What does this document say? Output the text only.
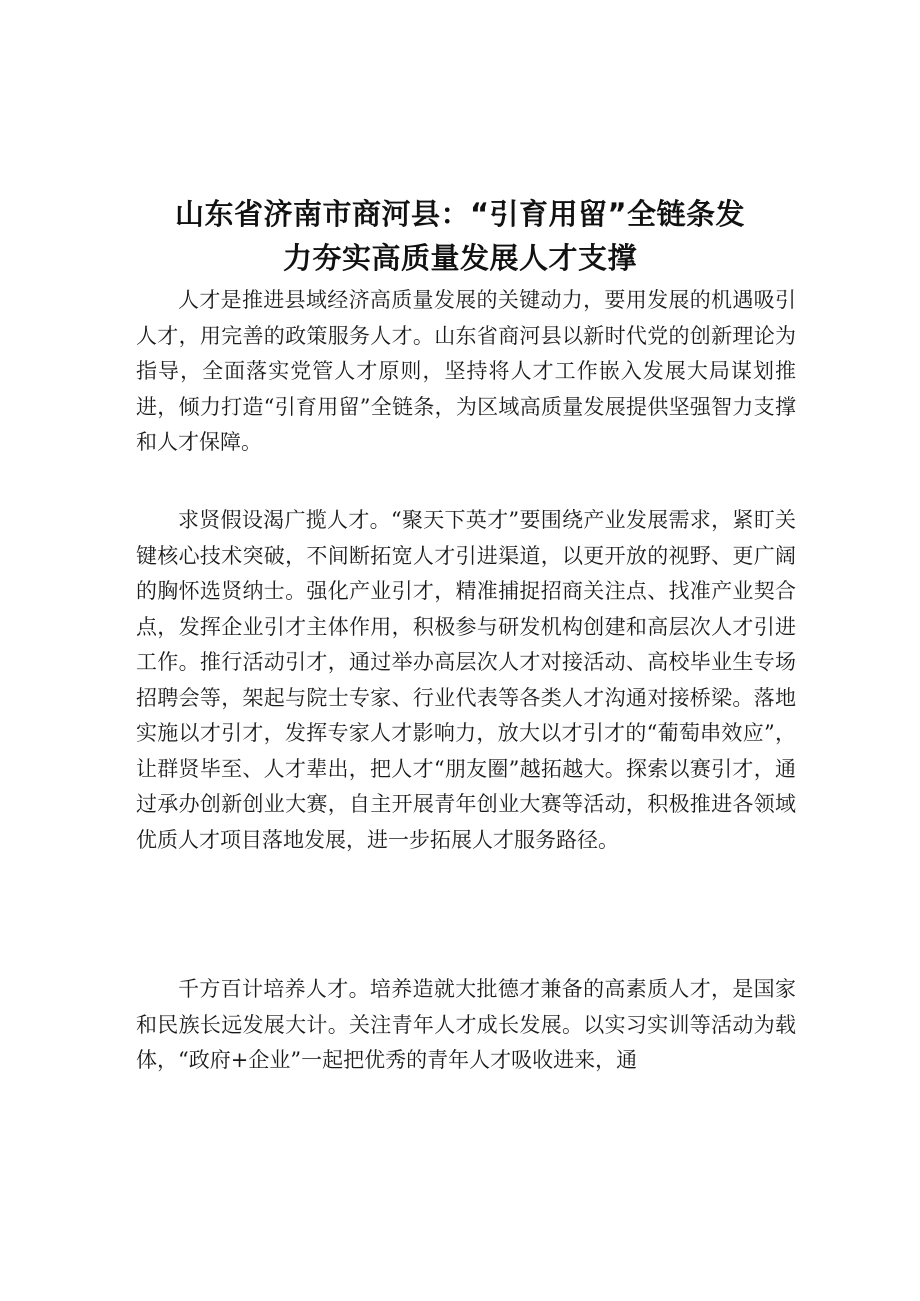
山东省济南市商河县：“引育用留”全链条发
力夯实高质量发展人才支撑

人才是推进县域经济高质量发展的关键动力，要用发展的机遇吸引人才，用完善的政策服务人才。山东省商河县以新时代党的创新理论为指导，全面落实党管人才原则，坚持将人才工作嵌入发展大局谋划推进，倾力打造“引育用留”全链条，为区域高质量发展提供坚强智力支撑和人才保障。

求贤假设渴广揽人才。“聚天下英才”要围绕产业发展需求，紧盯关键核心技术突破，不间断拓宽人才引进渠道，以更开放的视野、更广阔的胸怀选贤纳士。强化产业引才，精准捕捉招商关注点、找准产业契合点，发挥企业引才主体作用，积极参与研发机构创建和高层次人才引进工作。推行活动引才，通过举办高层次人才对接活动、高校毕业生专场招聘会等，架起与院士专家、行业代表等各类人才沟通对接桥梁。落地实施以才引才，发挥专家人才影响力，放大以才引才的“葡萄串效应”，让群贤毕至、人才辈出，把人才“朋友圈”越拓越大。探索以赛引才，通过承办创新创业大赛，自主开展青年创业大赛等活动，积极推进各领域优质人才项目落地发展，进一步拓展人才服务路径。

千方百计培养人才。培养造就大批德才兼备的高素质人才，是国家和民族长远发展大计。关注青年人才成长发展。以实习实训等活动为载体，“政府+企业”一起把优秀的青年人才吸收进来，通
